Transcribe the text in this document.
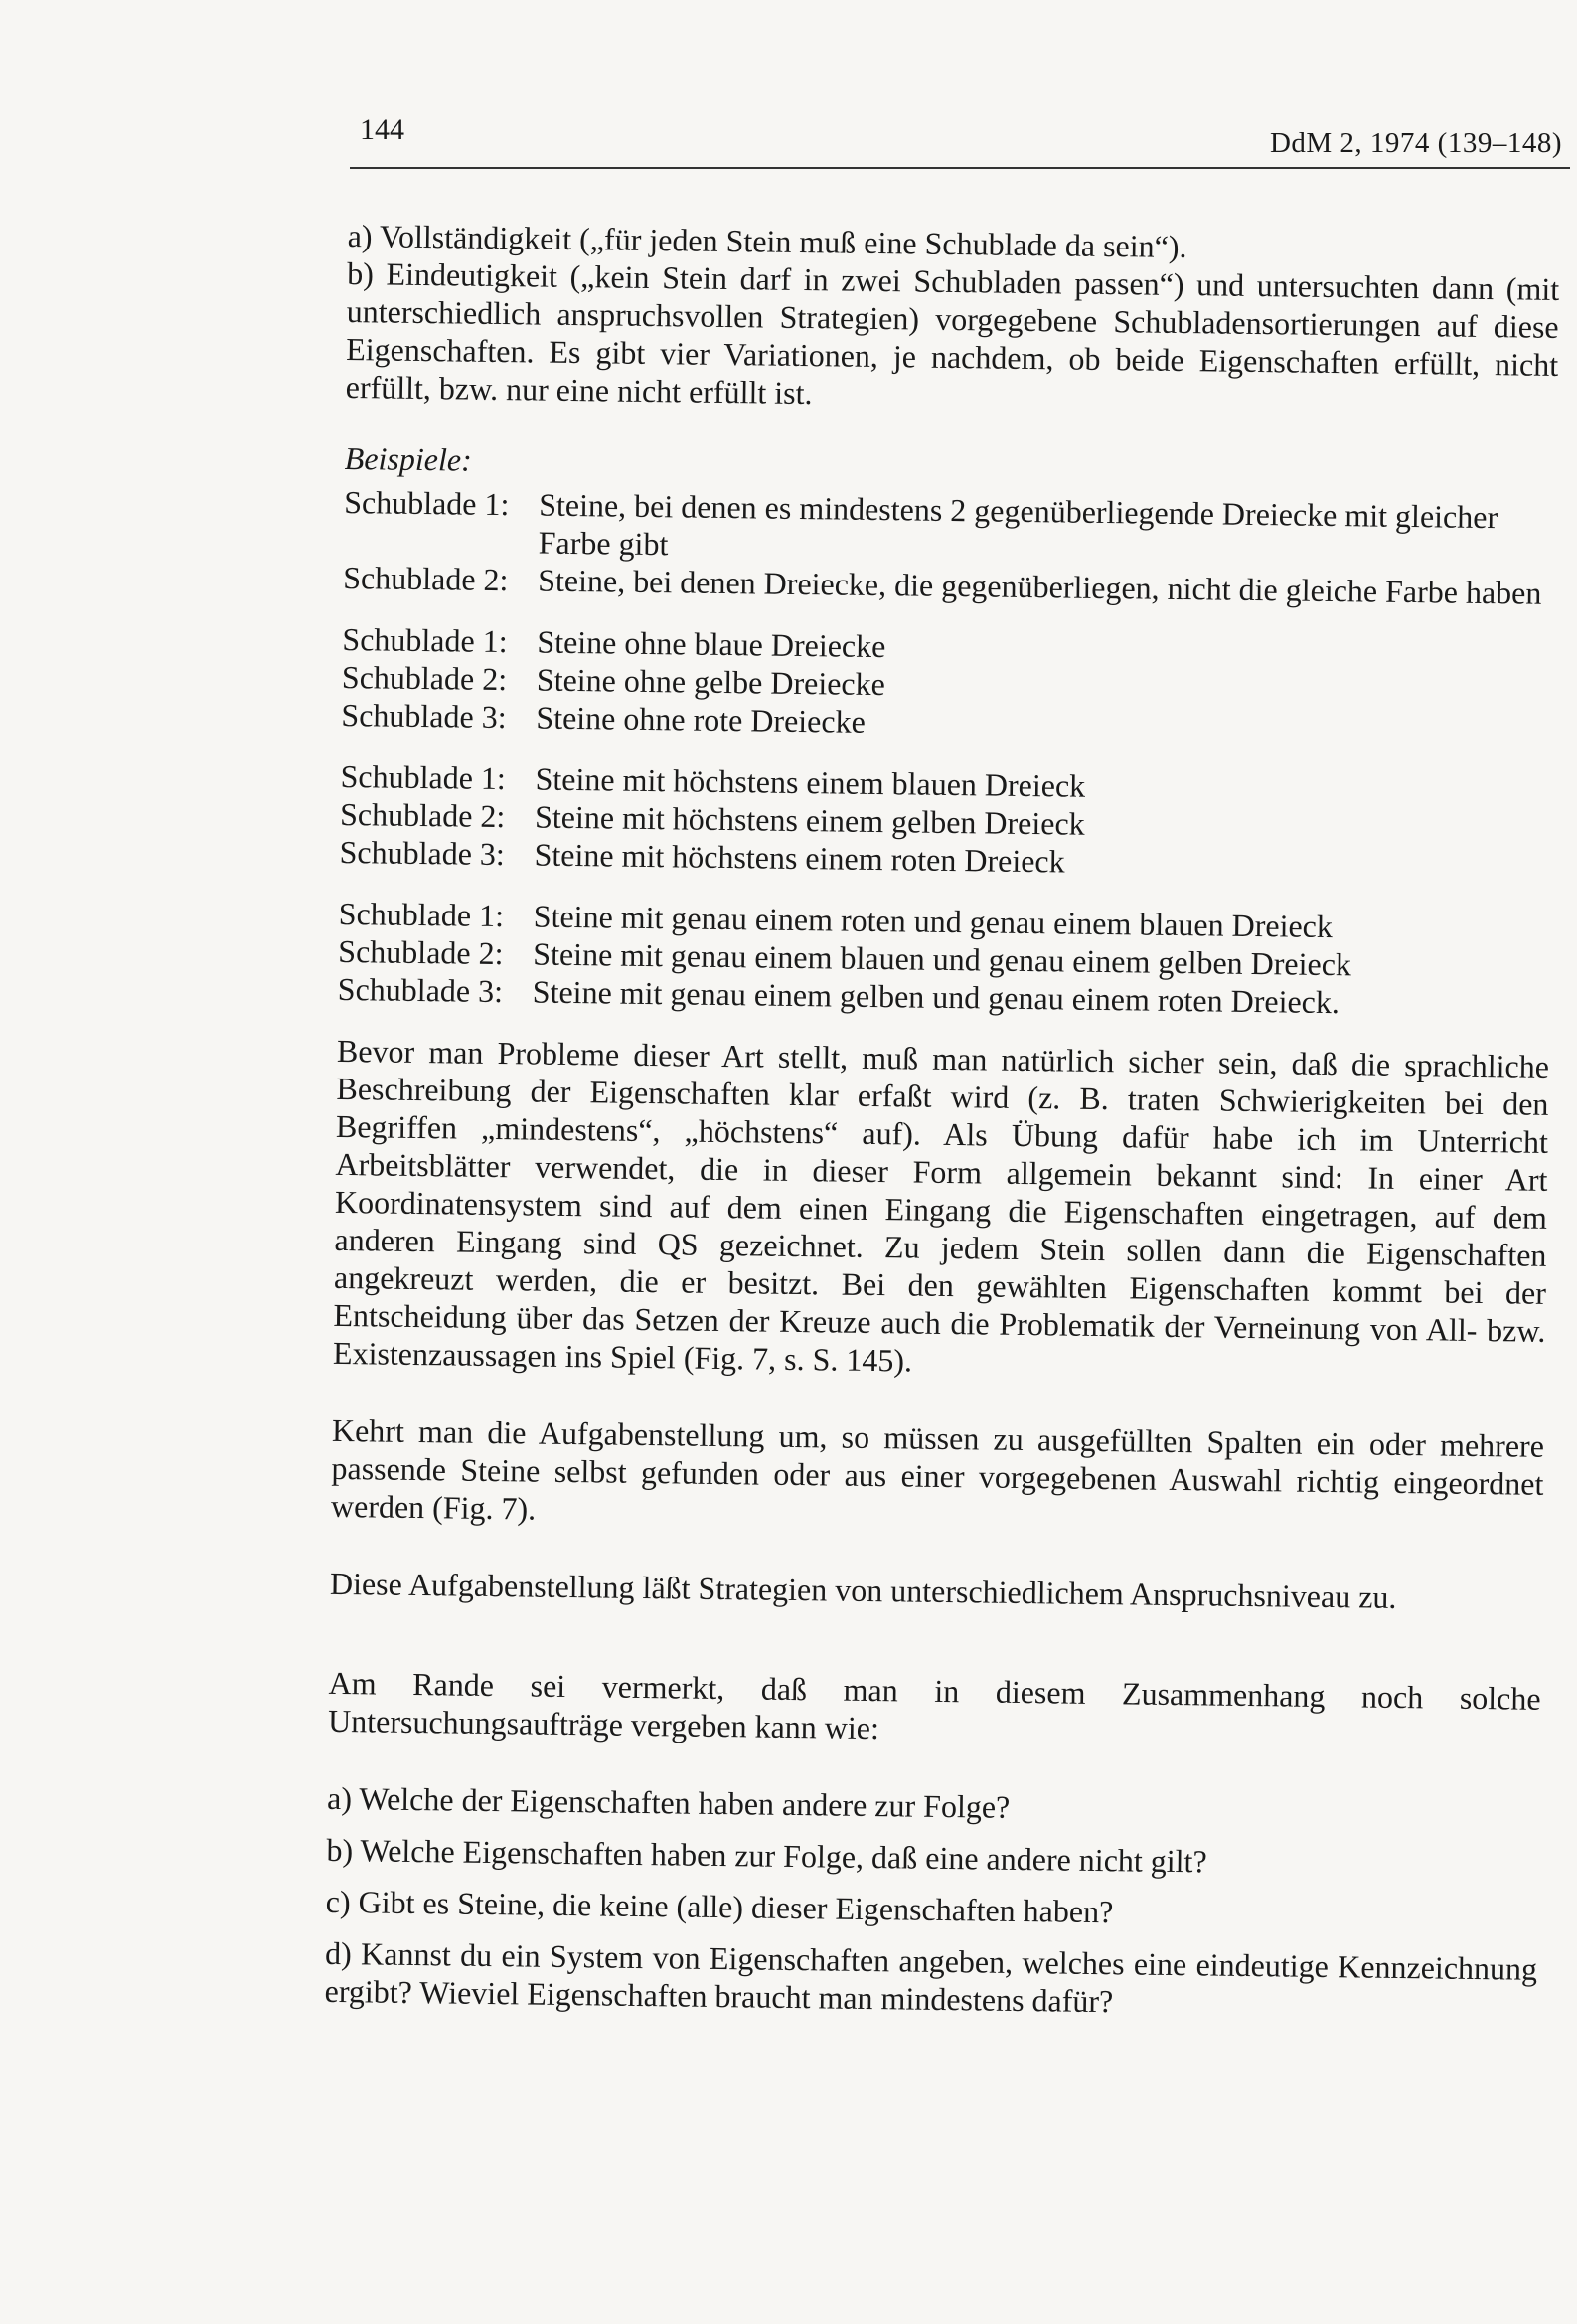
144	DdM 2, 1974 (139–148)

a) Vollständigkeit („für jeden Stein muß eine Schublade da sein“).

b) Eindeutigkeit („kein Stein darf in zwei Schubladen passen“) und untersuchten dann (mit unterschiedlich anspruchsvollen Strategien) vorgegebene Schubladensortierungen auf diese Eigenschaften. Es gibt vier Variationen, je nachdem, ob beide Eigenschaften erfüllt, nicht erfüllt, bzw. nur eine nicht erfüllt ist.

Beispiele:

Schublade 1: Steine, bei denen es mindestens 2 gegenüberliegende Dreiecke mit gleicher Farbe gibt
Schublade 2: Steine, bei denen Dreiecke, die gegenüberliegen, nicht die gleiche Farbe haben
Schublade 1: Steine ohne blaue Dreiecke
Schublade 2: Steine ohne gelbe Dreiecke
Schublade 3: Steine ohne rote Dreiecke
Schublade 1: Steine mit höchstens einem blauen Dreieck
Schublade 2: Steine mit höchstens einem gelben Dreieck
Schublade 3: Steine mit höchstens einem roten Dreieck
Schublade 1: Steine mit genau einem roten und genau einem blauen Dreieck
Schublade 2: Steine mit genau einem blauen und genau einem gelben Dreieck
Schublade 3: Steine mit genau einem gelben und genau einem roten Dreieck.

Bevor man Probleme dieser Art stellt, muß man natürlich sicher sein, daß die sprachliche Beschreibung der Eigenschaften klar erfaßt wird (z. B. traten Schwierigkeiten bei den Begriffen „mindestens“, „höchstens“ auf). Als Übung dafür habe ich im Unterricht Arbeitsblätter verwendet, die in dieser Form allgemein bekannt sind: In einer Art Koordinatensystem sind auf dem einen Eingang die Eigenschaften eingetragen, auf dem anderen Eingang sind QS gezeichnet. Zu jedem Stein sollen dann die Eigenschaften angekreuzt werden, die er besitzt. Bei den gewählten Eigenschaften kommt bei der Entscheidung über das Setzen der Kreuze auch die Problematik der Verneinung von All- bzw. Existenzaussagen ins Spiel (Fig. 7, s. S. 145).

Kehrt man die Aufgabenstellung um, so müssen zu ausgefüllten Spalten ein oder mehrere passende Steine selbst gefunden oder aus einer vorgegebenen Auswahl richtig eingeordnet werden (Fig. 7).

Diese Aufgabenstellung läßt Strategien von unterschiedlichem Anspruchsniveau zu.

Am Rande sei vermerkt, daß man in diesem Zusammenhang noch solche Untersuchungsaufträge vergeben kann wie:

a) Welche der Eigenschaften haben andere zur Folge?

b) Welche Eigenschaften haben zur Folge, daß eine andere nicht gilt?

c) Gibt es Steine, die keine (alle) dieser Eigenschaften haben?

d) Kannst du ein System von Eigenschaften angeben, welches eine eindeutige Kennzeichnung ergibt? Wieviel Eigenschaften braucht man mindestens dafür?
